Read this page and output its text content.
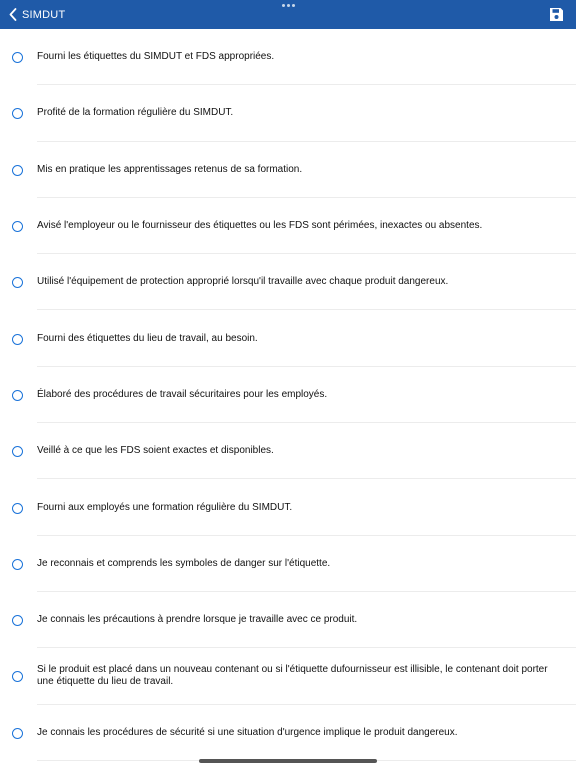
SIMDUT
Fourni les étiquettes du SIMDUT et FDS appropriées.
Profité de la formation régulière du SIMDUT.
Mis en pratique les apprentissages retenus de sa formation.
Avisé l'employeur ou le fournisseur des étiquettes ou les FDS sont périmées, inexactes ou absentes.
Utilisé l'équipement de protection approprié lorsqu'il travaille avec chaque produit dangereux.
Fourni des étiquettes du lieu de travail, au besoin.
Élaboré des procédures de travail sécuritaires pour les employés.
Veillé à ce que les FDS soient exactes et disponibles.
Fourni aux employés une formation régulière du SIMDUT.
Je reconnais et comprends les symboles de danger sur l'étiquette.
Je connais les précautions à prendre lorsque je travaille avec ce produit.
Si le produit est placé dans un nouveau contenant ou si l'étiquette dufournisseur est illisible, le contenant doit porter une étiquette du lieu de travail.
Je connais les procédures de sécurité si une situation d'urgence implique le produit dangereux.
